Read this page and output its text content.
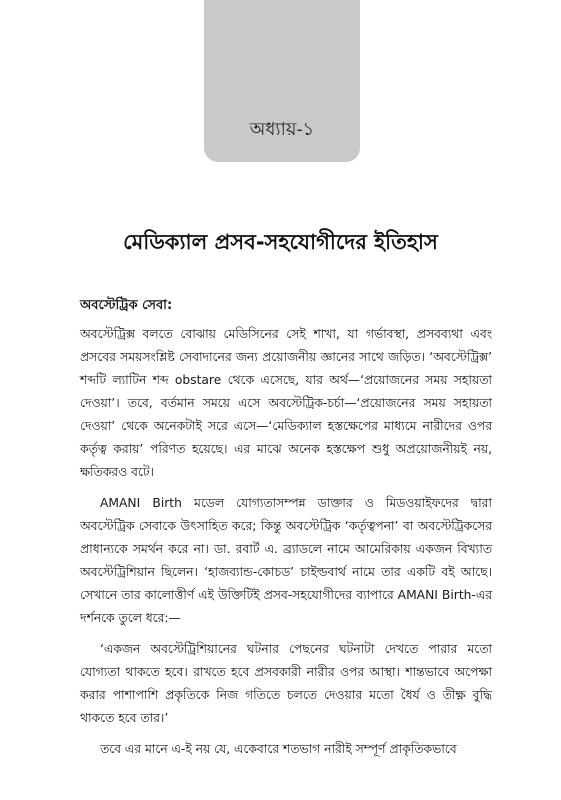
অধ্যায়-১
মেডিক্যাল প্রসব-সহযোগীদের ইতিহাস
অবস্টেট্রিক সেবা:

অবস্টেট্রিক্স বলতে বোঝায় মেডিসিনের সেই শাখা, যা গর্ভাবস্থা, প্রসবব্যথা এবং প্রসবের সময়সংশ্লিষ্ট সেবাদানের জন্য প্রয়োজনীয় জ্ঞানের সাথে জড়িত। ‘অবস্টেট্রিক্স’ শব্দটি ল্যাটিন শব্দ obstare থেকে এসেছে, যার অর্থ—‘প্রয়োজনের সময় সহায়তা দেওয়া’। তবে, বর্তমান সময়ে এসে অবস্টেট্রিক-চর্চা—‘প্রয়োজনের সময় সহায়তা দেওয়া’ থেকে অনেকটাই সরে এসে—‘মেডিক্যাল হস্তক্ষেপের মাধ্যমে নারীদের ওপর কর্তৃত্ব করায়’ পরিণত হয়েছে। এর মাঝে অনেক হস্তক্ষেপ শুধু অপ্রয়োজনীয়ই নয়, ক্ষতিকরও বটে।

AMANI Birth মডেল যোগ্যতাসম্পন্ন ডাক্তার ও মিডওয়াইফদের দ্বারা অবস্টেট্রিক সেবাকে উৎসাহিত করে; কিন্তু অবস্টেট্রিক ‘কর্তৃত্বপনা’ বা অবস্টেট্রিকসের প্রাধান্যকে সমর্থন করে না। ডা. রবার্ট এ. ব্র্যাডলে নামে আমেরিকায় একজন বিখ্যাত অবস্টেট্রিশিয়ান ছিলেন। ‘হাজব্যান্ড-কোচড’ চাইল্ডবার্থ নামে তার একটি বই আছে। সেখানে তার কালোত্তীর্ণ এই উক্তিটিই প্রসব-সহযোগীদের ব্যাপারে AMANI Birth-এর দর্শনকে তুলে ধরে:—

‘একজন অবস্টেট্রিশিয়ানের ঘটনার পেছনের ঘটনাটা দেখতে পারার মতো যোগ্যতা থাকতে হবে। রাখতে হবে প্রসবকারী নারীর ওপর আস্থা। শান্তভাবে অপেক্ষা করার পাশাপাশি প্রকৃতিকে নিজ গতিতে চলতে দেওয়ার মতো ধৈর্য ও তীক্ষ্ণ বুদ্ধি থাকতে হবে তার।’

তবে এর মানে এ-ই নয় যে, একেবারে শতভাগ নারীই সম্পূর্ণ প্রাকৃতিকভাবে
